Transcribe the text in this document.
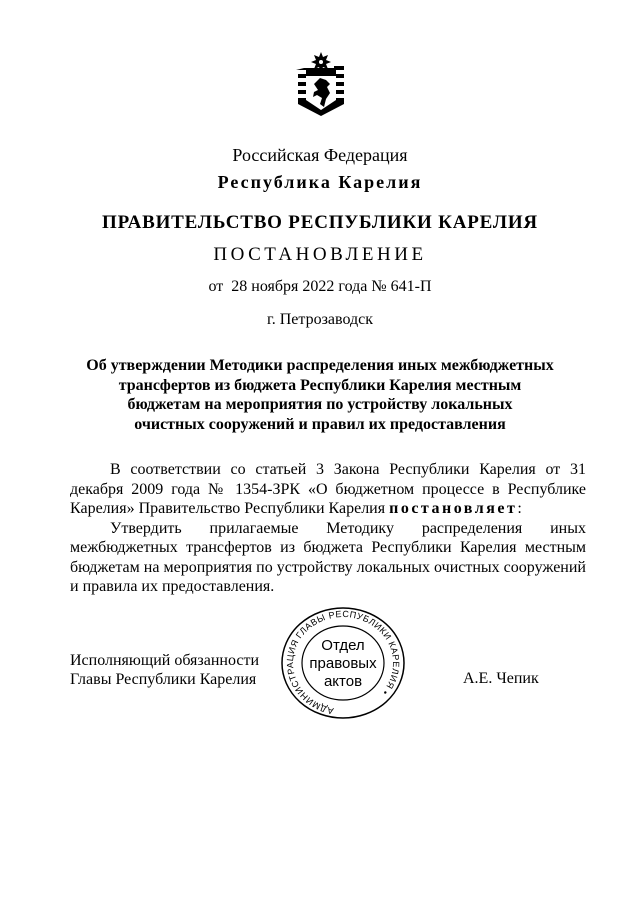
Российская Федерация
Республика Карелия
ПРАВИТЕЛЬСТВО РЕСПУБЛИКИ КАРЕЛИЯ
ПОСТАНОВЛЕНИЕ
от  28 ноября 2022 года № 641-П
г. Петрозаводск
Об утверждении Методики распределения иных межбюджетных
трансфертов из бюджета Республики Карелия местным
бюджетам на мероприятия по устройству локальных
очистных сооружений и правил их предоставления

В соответствии со статьей 3 Закона Республики Карелия от 31 декабря 2009 года № 1354-ЗРК «О бюджетном процессе в Республике Карелия» Правительство Республики Карелия постановляет:

Утвердить прилагаемые Методику распределения иных межбюджетных трансфертов из бюджета Республики Карелия местным бюджетам на мероприятия по устройству локальных очистных сооружений и правила их предоставления.

Исполняющий обязанности
Главы Республики Карелия	А.Е. Чепик
АДМИНИСТРАЦИЯ ГЛАВЫ РЕСПУБЛИКИ КАРЕЛИЯ •
Отдел
правовых
актов
